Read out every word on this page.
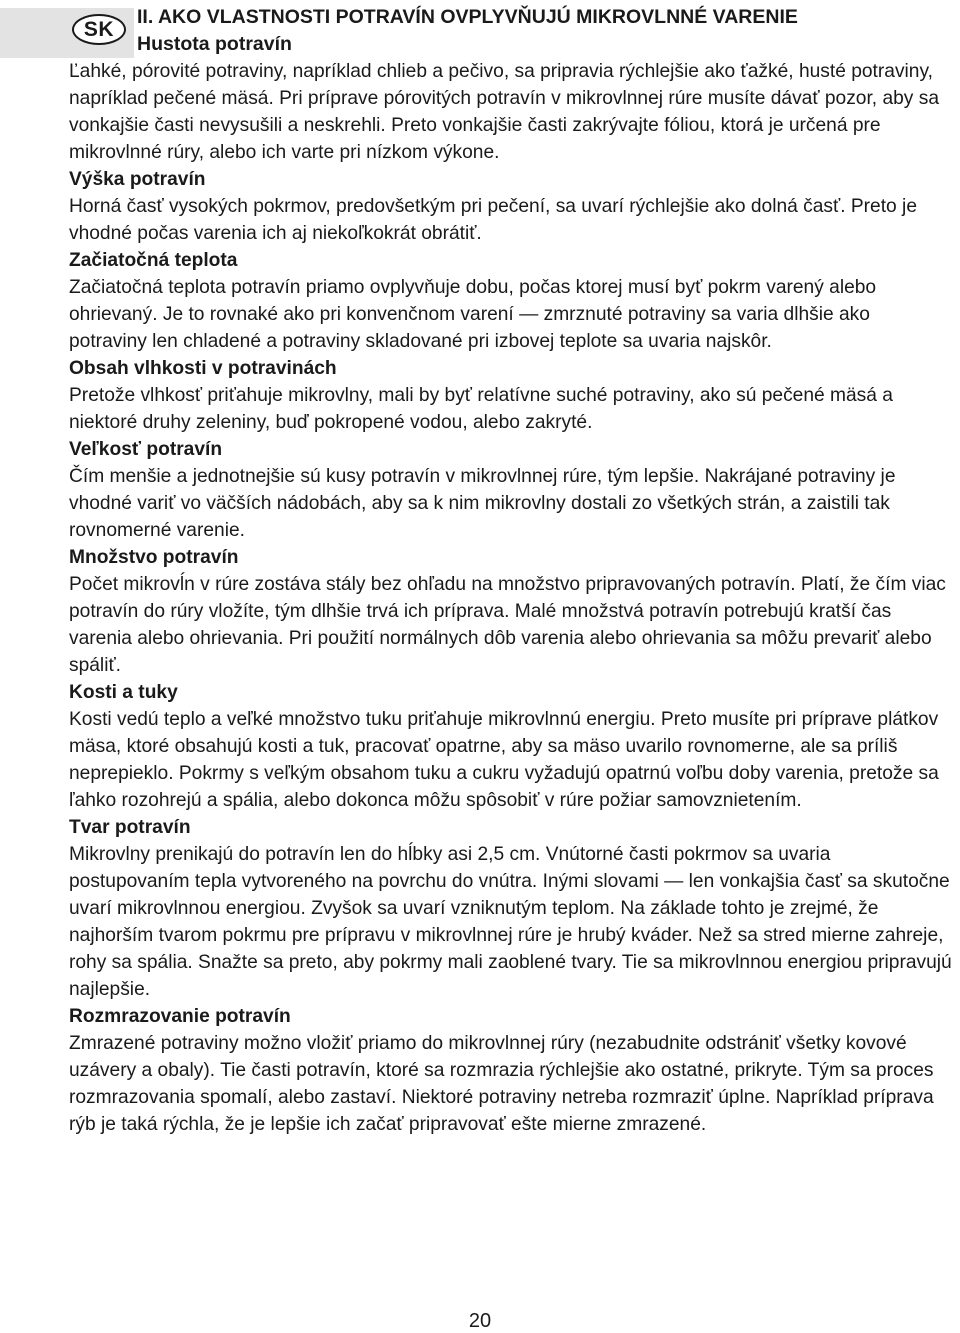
SK
II. AKO VLASTNOSTI POTRAVÍN OVPLYVŇUJÚ MIKROVLNNÉ VARENIE
Hustota potravín

Ľahké, pórovité potraviny, napríklad chlieb a pečivo, sa pripravia rýchlejšie ako ťažké, husté potraviny, napríklad pečené mäsá. Pri príprave pórovitých potravín v mikrovlnnej rúre musíte dávať pozor, aby sa vonkajšie časti nevysušili a neskrehli. Preto vonkajšie časti zakrývajte fóliou, ktorá je určená pre mikrovlnné rúry, alebo ich varte pri nízkom výkone.

Výška potravín

Horná časť vysokých pokrmov, predovšetkým pri pečení, sa uvarí rýchlejšie ako dolná časť. Preto je vhodné počas varenia ich aj niekoľkokrát obrátiť.

Začiatočná teplota

Začiatočná teplota potravín priamo ovplyvňuje dobu, počas ktorej musí byť pokrm varený alebo ohrievaný. Je to rovnaké ako pri konvenčnom varení — zmrznuté potraviny sa varia dlhšie ako potraviny len chladené a potraviny skladované pri izbovej teplote sa uvaria najskôr.

Obsah vlhkosti v potravinách

Pretože vlhkosť priťahuje mikrovlny, mali by byť relatívne suché potraviny, ako sú pečené mäsá a niektoré druhy zeleniny, buď pokropené vodou, alebo zakryté.

Veľkosť potravín

Čím menšie a jednotnejšie sú kusy potravín v mikrovlnnej rúre, tým lepšie. Nakrájané potraviny je vhodné variť vo väčších nádobách, aby sa k nim mikrovlny dostali zo všetkých strán, a zaistili tak rovnomerné varenie.

Množstvo potravín

Počet mikrovĺn v rúre zostáva stály bez ohľadu na množstvo pripravovaných potravín. Platí, že čím viac potravín do rúry vložíte, tým dlhšie trvá ich príprava. Malé množstvá potravín potrebujú kratší čas varenia alebo ohrievania. Pri použití normálnych dôb varenia alebo ohrievania sa môžu prevariť alebo spáliť.

Kosti a tuky

Kosti vedú teplo a veľké množstvo tuku priťahuje mikrovlnnú energiu. Preto musíte pri príprave plátkov mäsa, ktoré obsahujú kosti a tuk, pracovať opatrne, aby sa mäso uvarilo rovnomerne, ale sa príliš neprepieklo. Pokrmy s veľkým obsahom tuku a cukru vyžadujú opatrnú voľbu doby varenia, pretože sa ľahko rozohrejú a spália, alebo dokonca môžu spôsobiť v rúre požiar samovznietením.

Tvar potravín

Mikrovlny prenikajú do potravín len do hĺbky asi 2,5 cm. Vnútorné časti pokrmov sa uvaria postupovaním tepla vytvoreného na povrchu do vnútra. Inými slovami — len vonkajšia časť sa skutočne uvarí mikrovlnnou energiou. Zvyšok sa uvarí vzniknutým teplom. Na základe tohto je zrejmé, že najhorším tvarom pokrmu pre prípravu v mikrovlnnej rúre je hrubý kváder. Než sa stred mierne zahreje, rohy sa spália. Snažte sa preto, aby pokrmy mali zaoblené tvary. Tie sa mikrovlnnou energiou pripravujú najlepšie.

Rozmrazovanie potravín

Zmrazené potraviny možno vložiť priamo do mikrovlnnej rúry (nezabudnite odstrániť všetky kovové uzávery a obaly). Tie časti potravín, ktoré sa rozmrazia rýchlejšie ako ostatné, prikryte. Tým sa proces rozmrazovania spomalí, alebo zastaví. Niektoré potraviny netreba rozmraziť úplne. Napríklad príprava rýb je taká rýchla, že je lepšie ich začať pripravovať ešte mierne zmrazené.

20
